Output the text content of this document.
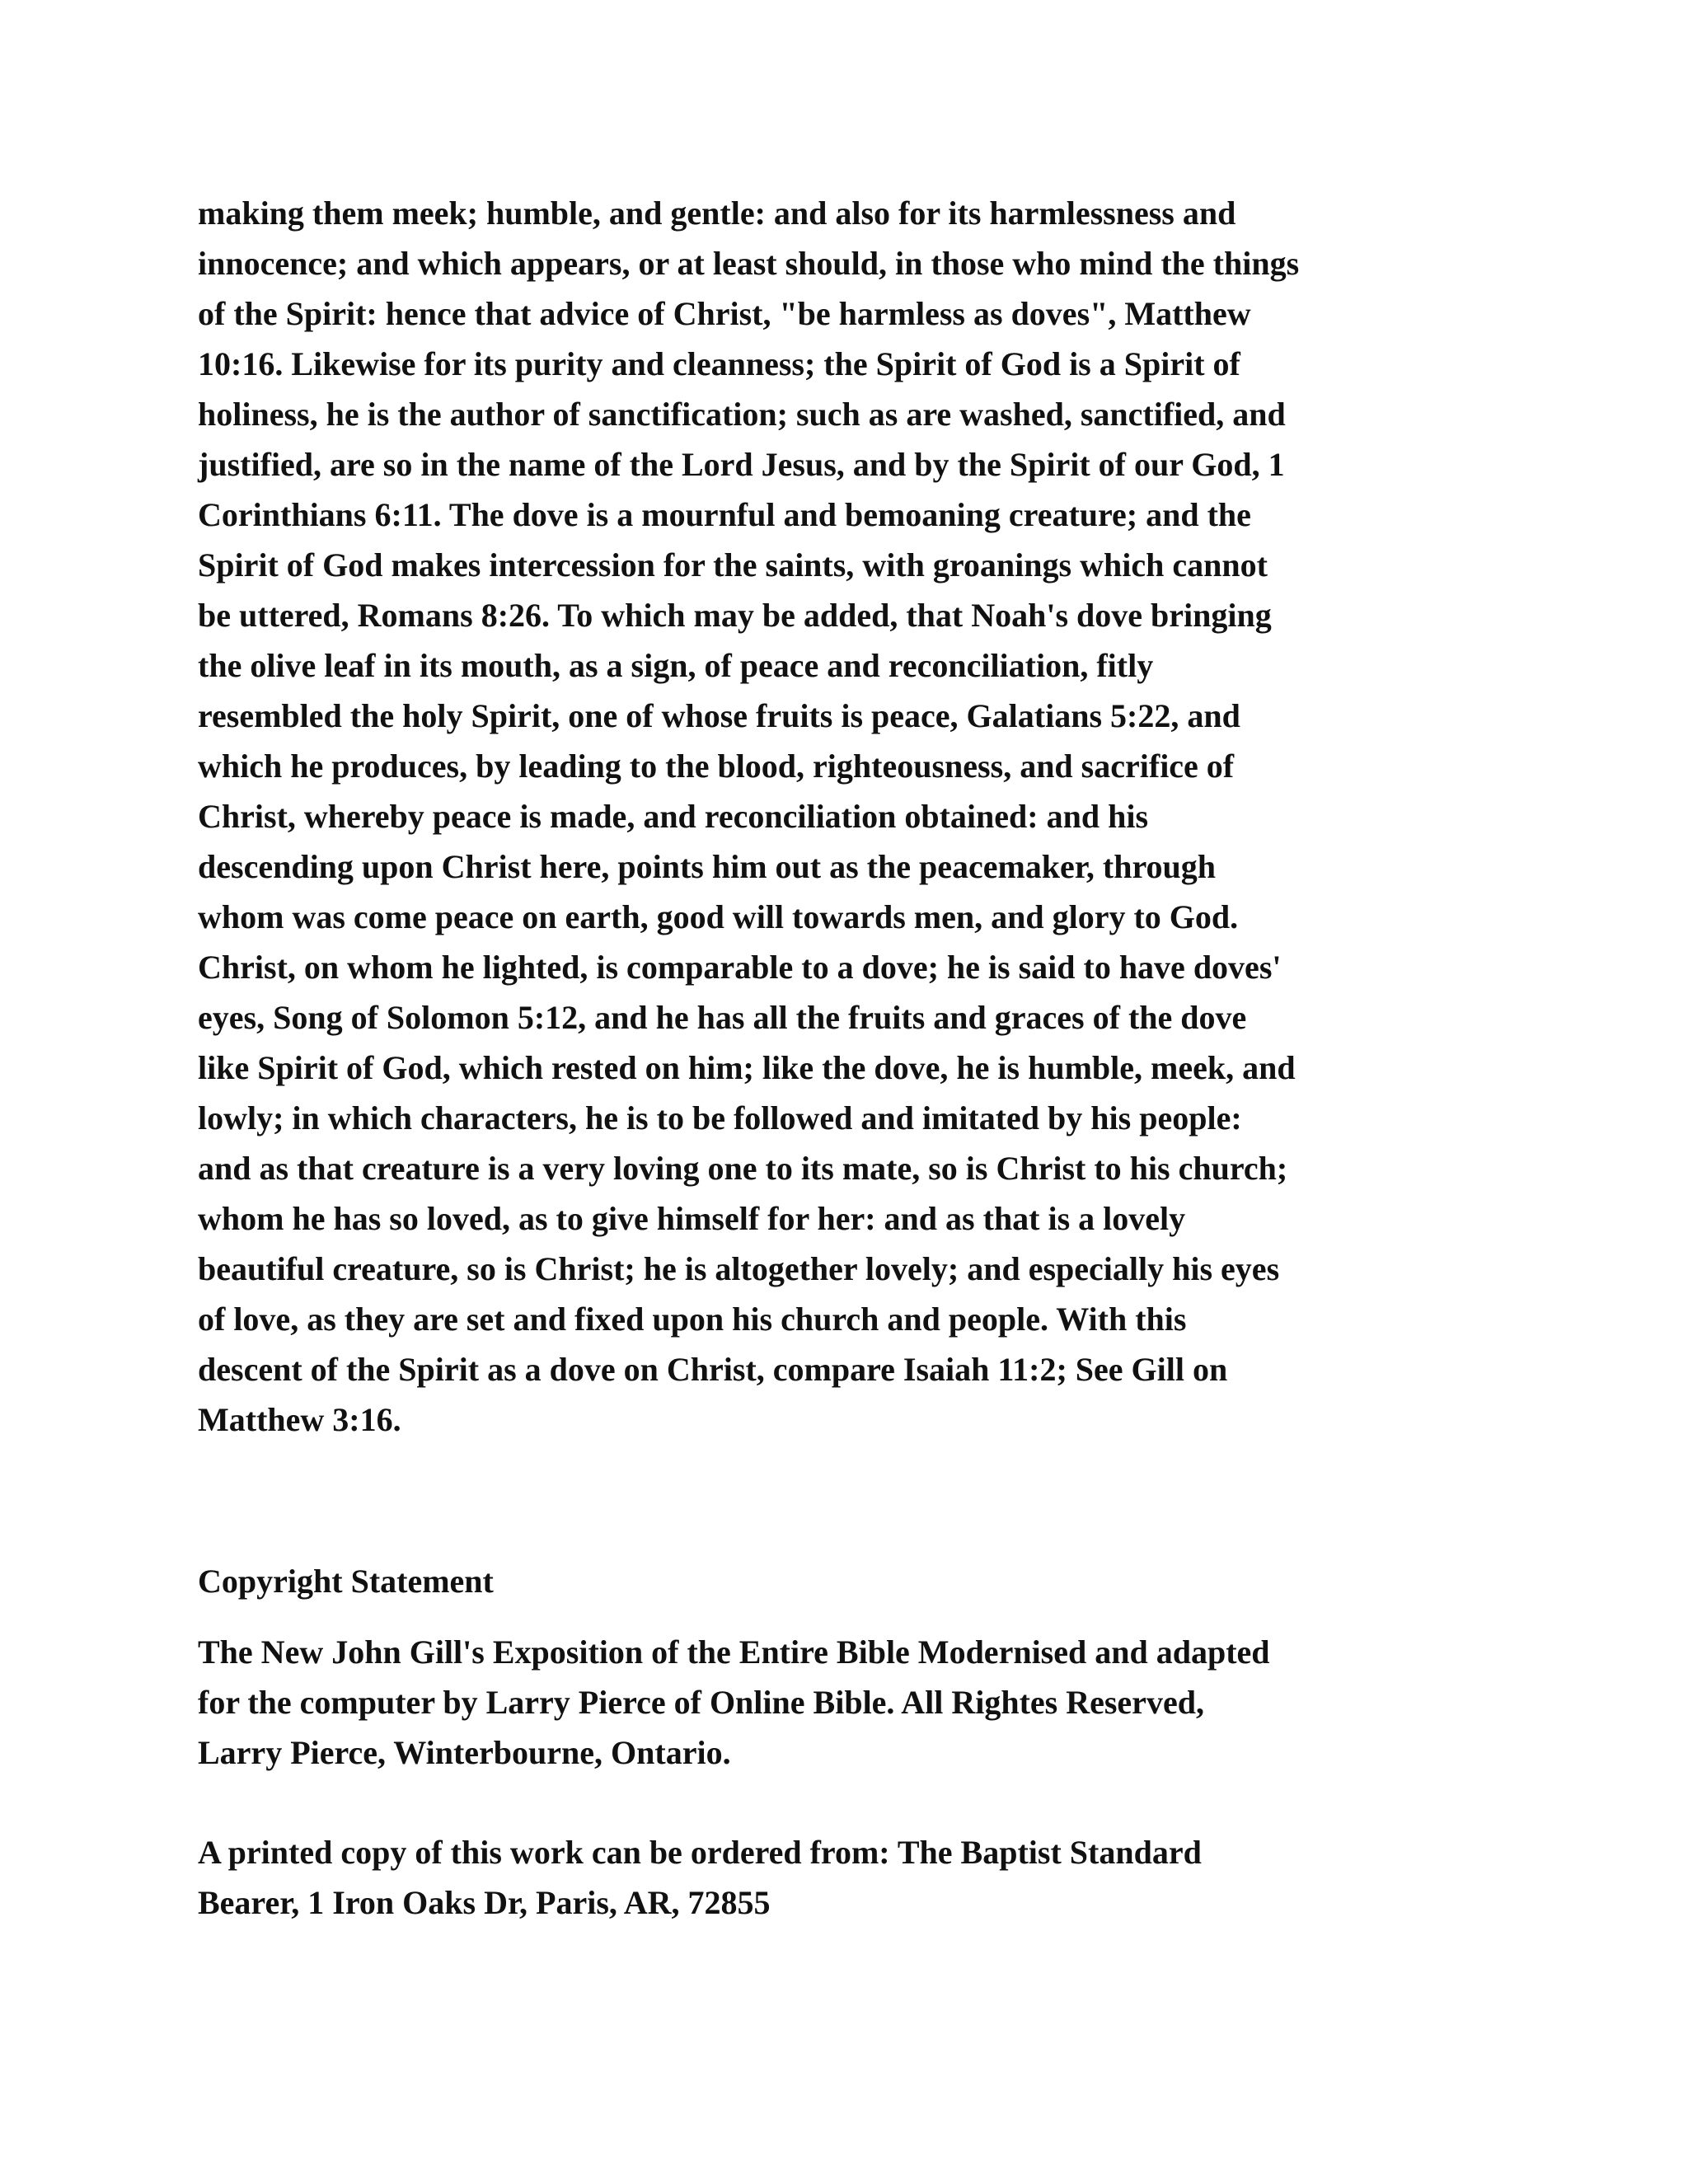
making them meek; humble, and gentle: and also for its harmlessness and
innocence; and which appears, or at least should, in those who mind the things
of the Spirit: hence that advice of Christ, "be harmless as doves", Matthew
10:16. Likewise for its purity and cleanness; the Spirit of God is a Spirit of
holiness, he is the author of sanctification; such as are washed, sanctified, and
justified, are so in the name of the Lord Jesus, and by the Spirit of our God, 1
Corinthians 6:11. The dove is a mournful and bemoaning creature; and the
Spirit of God makes intercession for the saints, with groanings which cannot
be uttered, Romans 8:26. To which may be added, that Noah's dove bringing
the olive leaf in its mouth, as a sign, of peace and reconciliation, fitly
resembled the holy Spirit, one of whose fruits is peace, Galatians 5:22, and
which he produces, by leading to the blood, righteousness, and sacrifice of
Christ, whereby peace is made, and reconciliation obtained: and his
descending upon Christ here, points him out as the peacemaker, through
whom was come peace on earth, good will towards men, and glory to God.
Christ, on whom he lighted, is comparable to a dove; he is said to have doves'
eyes, Song of Solomon 5:12, and he has all the fruits and graces of the dove
like Spirit of God, which rested on him; like the dove, he is humble, meek, and
lowly; in which characters, he is to be followed and imitated by his people:
and as that creature is a very loving one to its mate, so is Christ to his church;
whom he has so loved, as to give himself for her: and as that is a lovely
beautiful creature, so is Christ; he is altogether lovely; and especially his eyes
of love, as they are set and fixed upon his church and people. With this
descent of the Spirit as a dove on Christ, compare Isaiah 11:2; See Gill on
Matthew 3:16.
Copyright Statement
The New John Gill's Exposition of the Entire Bible Modernised and adapted
for the computer by Larry Pierce of Online Bible. All Rightes Reserved,
Larry Pierce, Winterbourne, Ontario.
A printed copy of this work can be ordered from: The Baptist Standard
Bearer, 1 Iron Oaks Dr, Paris, AR, 72855
